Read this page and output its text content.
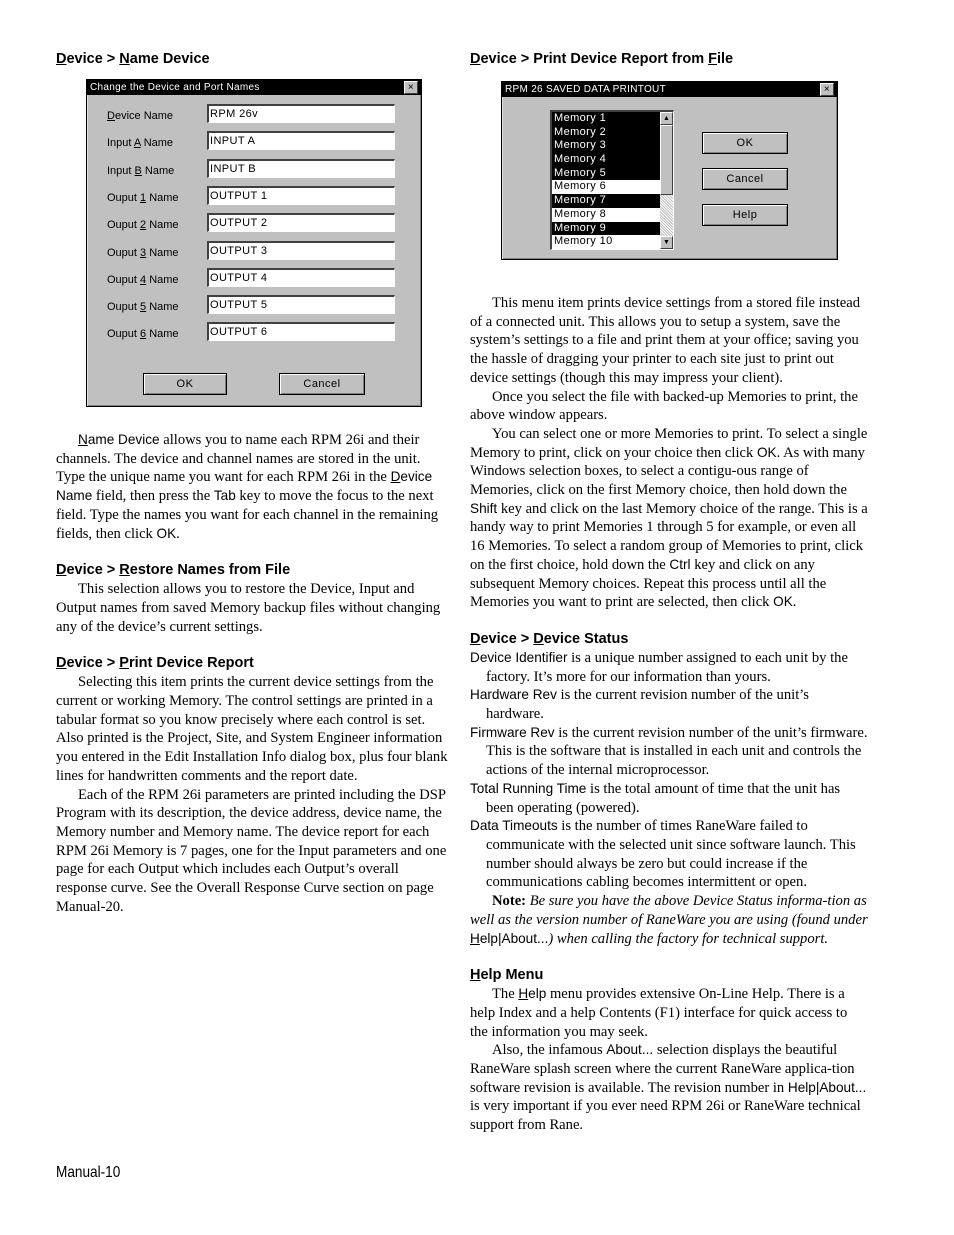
Device > Name Device
Change the Device and Port Names	×
Device Name	RPM 26v
Input A Name	INPUT A
Input B Name	INPUT B
Ouput 1 Name	OUTPUT 1
Ouput 2 Name	OUTPUT 2
Ouput 3 Name	OUTPUT 3
Ouput 4 Name	OUTPUT 4
Ouput 5 Name	OUTPUT 5
Ouput 6 Name	OUTPUT 6
OK	Cancel

Name Device allows you to name each RPM 26i and their channels. The device and channel names are stored in the unit. Type the unique name you want for each RPM 26i in the Device Name field, then press the Tab key to move the focus to the next field. Type the names you want for each channel in the remaining fields, then click OK.

Device > Restore Names from File

This selection allows you to restore the Device, Input and Output names from saved Memory backup files without changing any of the device’s current settings.

Device > Print Device Report

Selecting this item prints the current device settings from the current or working Memory. The control settings are printed in a tabular format so you know precisely where each control is set. Also printed is the Project, Site, and System Engineer information you entered in the Edit Installation Info dialog box, plus four blank lines for handwritten comments and the report date.

Each of the RPM 26i parameters are printed including the DSP Program with its description, the device address, device name, the Memory number and Memory name. The device report for each RPM 26i Memory is 7 pages, one for the Input parameters and one page for each Output which includes each Output’s overall response curve. See the Overall Response Curve section on page Manual-20.

Device > Print Device Report from File
RPM 26 SAVED DATA PRINTOUT	×
Memory 1
Memory 2
Memory 3
Memory 4
Memory 5
Memory 6
Memory 7
Memory 8
Memory 9
Memory 10
▲
▼
OK
Cancel
Help

This menu item prints device settings from a stored file instead of a connected unit. This allows you to setup a system, save the system’s settings to a file and print them at your office; saving you the hassle of dragging your printer to each site just to print out device settings (though this may impress your client).

Once you select the file with backed-up Memories to print, the above window appears.

You can select one or more Memories to print. To select a single Memory to print, click on your choice then click OK. As with many Windows selection boxes, to select a contigu-ous range of Memories, click on the first Memory choice, then hold down the Shift key and click on the last Memory choice of the range. This is a handy way to print Memories 1 through 5 for example, or even all 16 Memories. To select a random group of Memories to print, click on the first choice, hold down the Ctrl key and click on any subsequent Memory choices. Repeat this process until all the Memories you want to print are selected, then click OK.

Device > Device Status

Device Identifier is a unique number assigned to each unit by the factory. It’s more for our information than yours.

Hardware Rev is the current revision number of the unit’s hardware.

Firmware Rev is the current revision number of the unit’s firmware. This is the software that is installed in each unit and controls the actions of the internal microprocessor.

Total Running Time is the total amount of time that the unit has been operating (powered).

Data Timeouts is the number of times RaneWare failed to communicate with the selected unit since software launch. This number should always be zero but could increase if the communications cabling becomes intermittent or open.

Note: Be sure you have the above Device Status informa-tion as well as the version number of RaneWare you are using (found under Help|About...) when calling the factory for technical support.

Help Menu

The Help menu provides extensive On-Line Help. There is a help Index and a help Contents (F1) interface for quick access to the information you may seek.

Also, the infamous About... selection displays the beautiful RaneWare splash screen where the current RaneWare applica-tion software revision is available. The revision number in Help|About... is very important if you ever need RPM 26i or RaneWare technical support from Rane.

Manual-10
